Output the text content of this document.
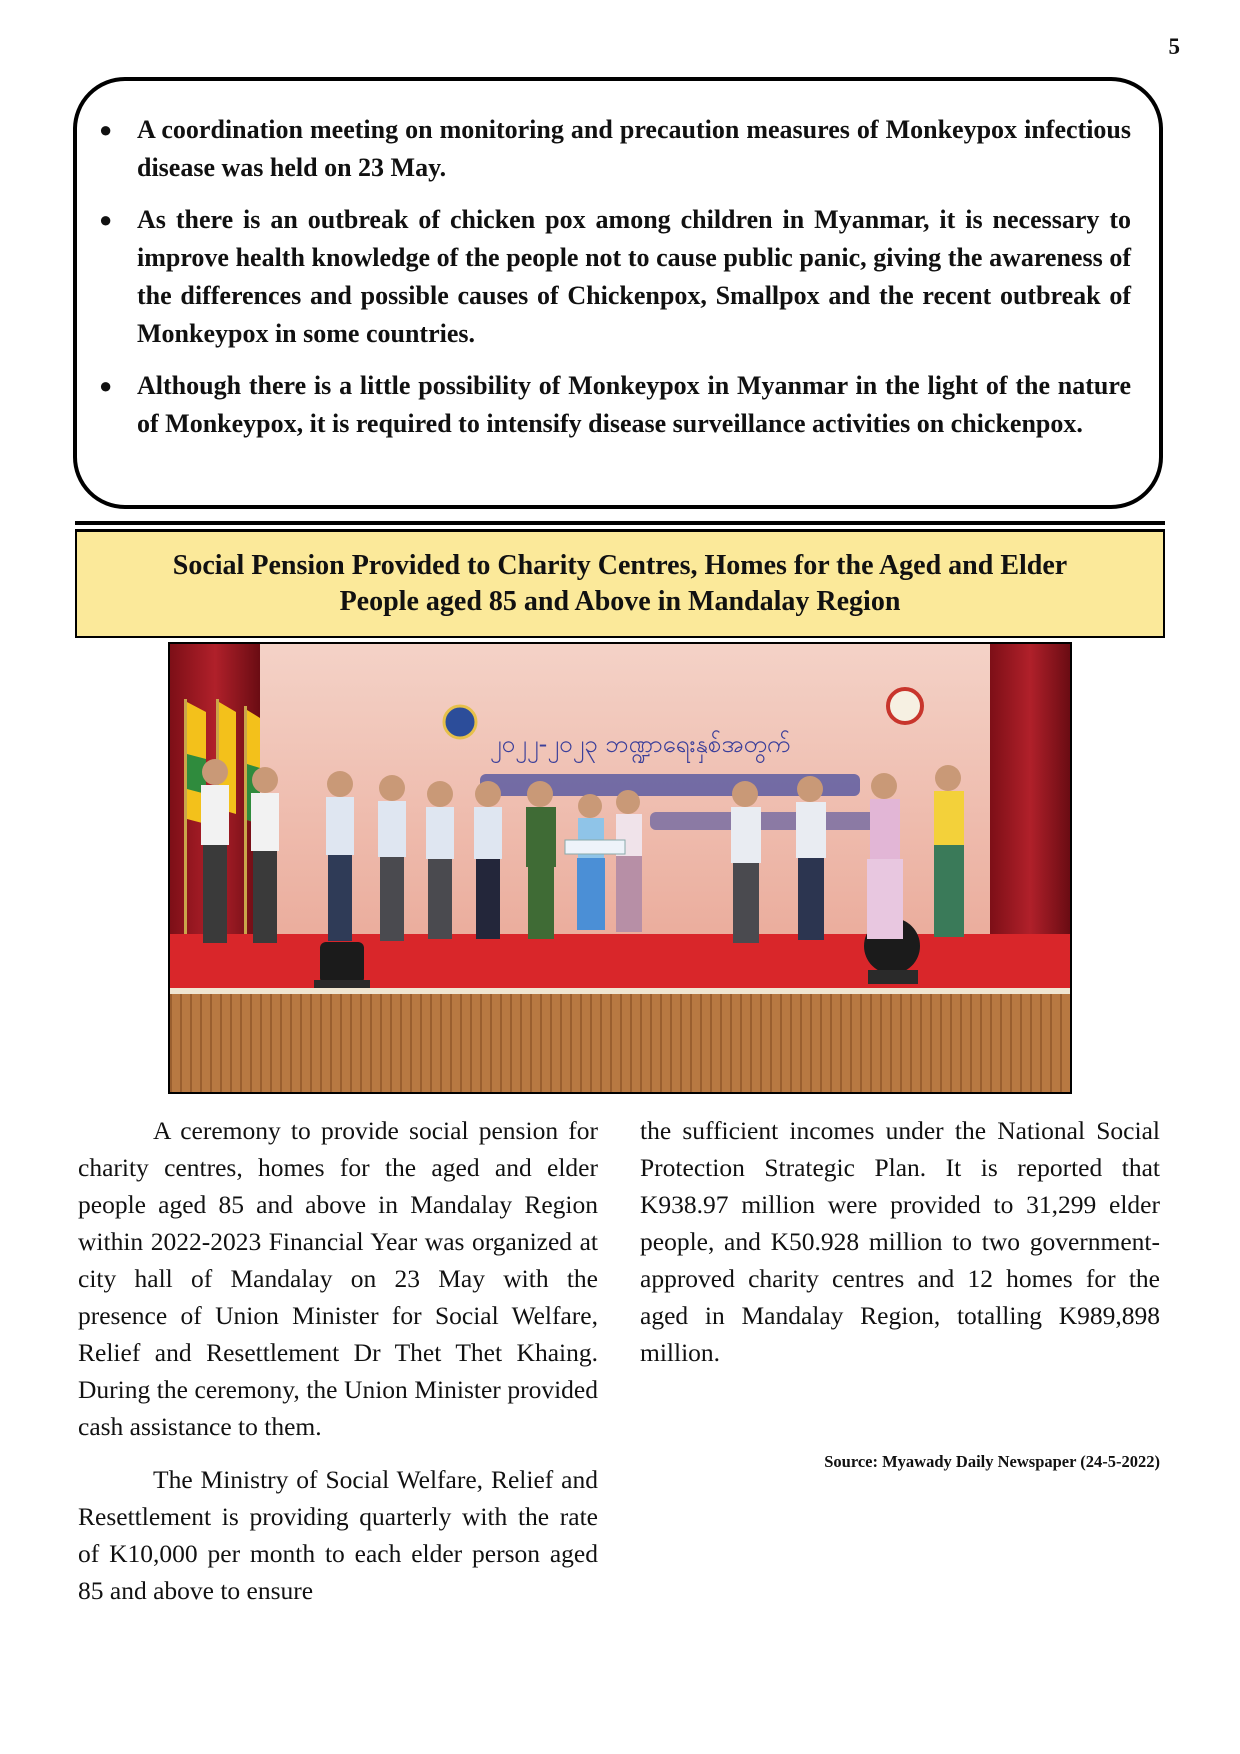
5
● A coordination meeting on monitoring and precaution measures of Monkeypox infectious disease was held on 23 May.
● As there is an outbreak of chicken pox among children in Myanmar, it is necessary to improve health knowledge of the people not to cause public panic, giving the awareness of the differences and possible causes of Chickenpox, Smallpox and the recent outbreak of Monkeypox in some countries.
● Although there is a little possibility of Monkeypox in Myanmar in the light of the nature of Monkeypox, it is required to intensify disease surveillance activities on chickenpox.
Social Pension Provided to Charity Centres, Homes for the Aged and Elder
People aged 85 and Above in Mandalay Region
၂၀၂၂-၂၀၂၃ ဘဏ္ဍာရေးနှစ်အတွက်

A ceremony to provide social pension for charity centres, homes for the aged and elder people aged 85 and above in Mandalay Region within 2022-2023 Financial Year was organized at city hall of Mandalay on 23 May with the presence of Union Minister for Social Welfare, Relief and Resettlement Dr Thet Thet Khaing. During the ceremony, the Union Minister provided cash assistance to them.

The Ministry of Social Welfare, Relief and Resettlement is providing quarterly with the rate of K10,000 per month to each elder person aged 85 and above to ensure

the sufficient incomes under the National Social Protection Strategic Plan. It is reported that K938.97 million were provided to 31,299 elder people, and K50.928 million to two government-approved charity centres and 12 homes for the aged in Mandalay Region, totalling K989,898 million.

Source: Myawady Daily Newspaper (24-5-2022)
